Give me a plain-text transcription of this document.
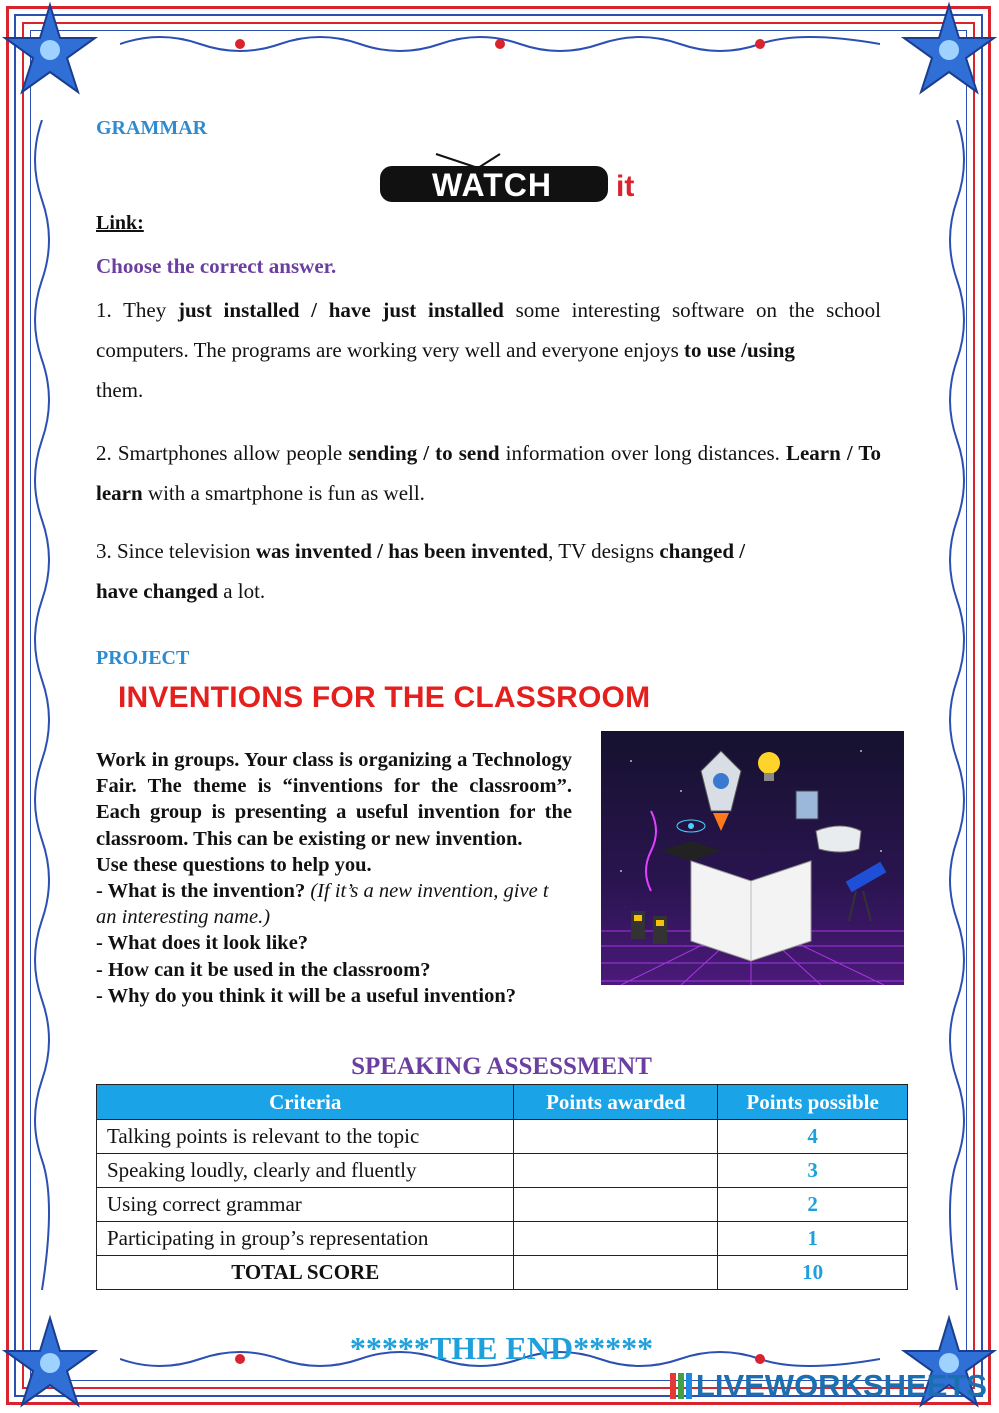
GRAMMAR
WATCH it
Link:
Choose the correct answer.
1. They just installed / have just installed some interesting software on the school computers. The programs are working very well and everyone enjoys to use /using
them.
2. Smartphones allow people sending / to send information over long distances. Learn / To learn with a smartphone is fun as well.
3. Since television was invented / has been invented, TV designs changed /
have changed a lot.
PROJECT
INVENTIONS FOR THE CLASSROOM
Work in groups. Your class is organizing a Technology Fair. The theme is “inventions for the classroom”. Each group is presenting a useful invention for the classroom. This can be existing or new invention.
Use these questions to help you.
- What is the invention? (If it’s a new invention, give t an interesting name.)
- What does it look like?
- How can it be used in the classroom?
- Why do you think it will be a useful invention?
SPEAKING ASSESSMENT
Criteria	Points awarded	Points possible
Talking points is relevant to the topic		4
Speaking loudly, clearly and fluently		3
Using correct grammar		2
Participating in group’s representation		1
TOTAL SCORE		10
*****THE END*****
LIVEWORKSHEETS
